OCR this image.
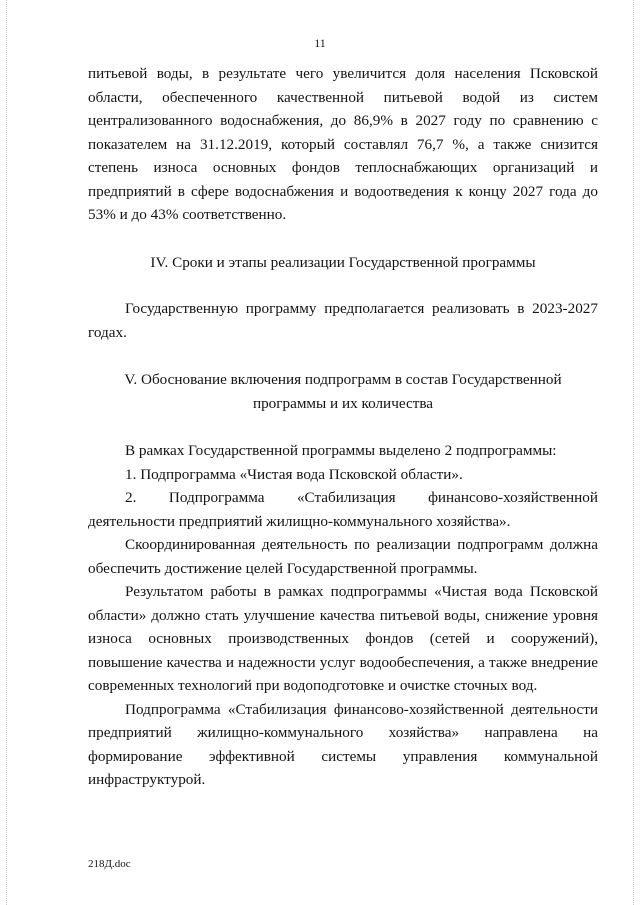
11

питьевой воды, в результате чего увеличится доля населения Псковской области, обеспеченного качественной питьевой водой из систем централизованного водоснабжения, до 86,9% в 2027 году по сравнению с показателем на 31.12.2019, который составлял 76,7 %, а также снизится степень износа основных фондов теплоснабжающих организаций и предприятий в сфере водоснабжения и водоотведения к концу 2027 года до 53% и до 43% соответственно.

IV. Сроки и этапы реализации Государственной программы

Государственную программу предполагается реализовать в 2023-2027 годах.

V. Обоснование включения подпрограмм в состав Государственной

программы и их количества

В рамках Государственной программы выделено 2 подпрограммы:

1. Подпрограмма «Чистая вода Псковской области».

2. Подпрограмма «Стабилизация финансово-хозяйственной деятельности предприятий жилищно-коммунального хозяйства».

Скоординированная деятельность по реализации подпрограмм должна обеспечить достижение целей Государственной программы.

Результатом работы в рамках подпрограммы «Чистая вода Псковской области» должно стать улучшение качества питьевой воды, снижение уровня износа основных производственных фондов (сетей и сооружений), повышение качества и надежности услуг водообеспечения, а также внедрение современных технологий при водоподготовке и очистке сточных вод.

Подпрограмма «Стабилизация финансово-хозяйственной деятельности предприятий жилищно-коммунального хозяйства» направлена на формирование эффективной системы управления коммунальной инфраструктурой.

218Д.doc
